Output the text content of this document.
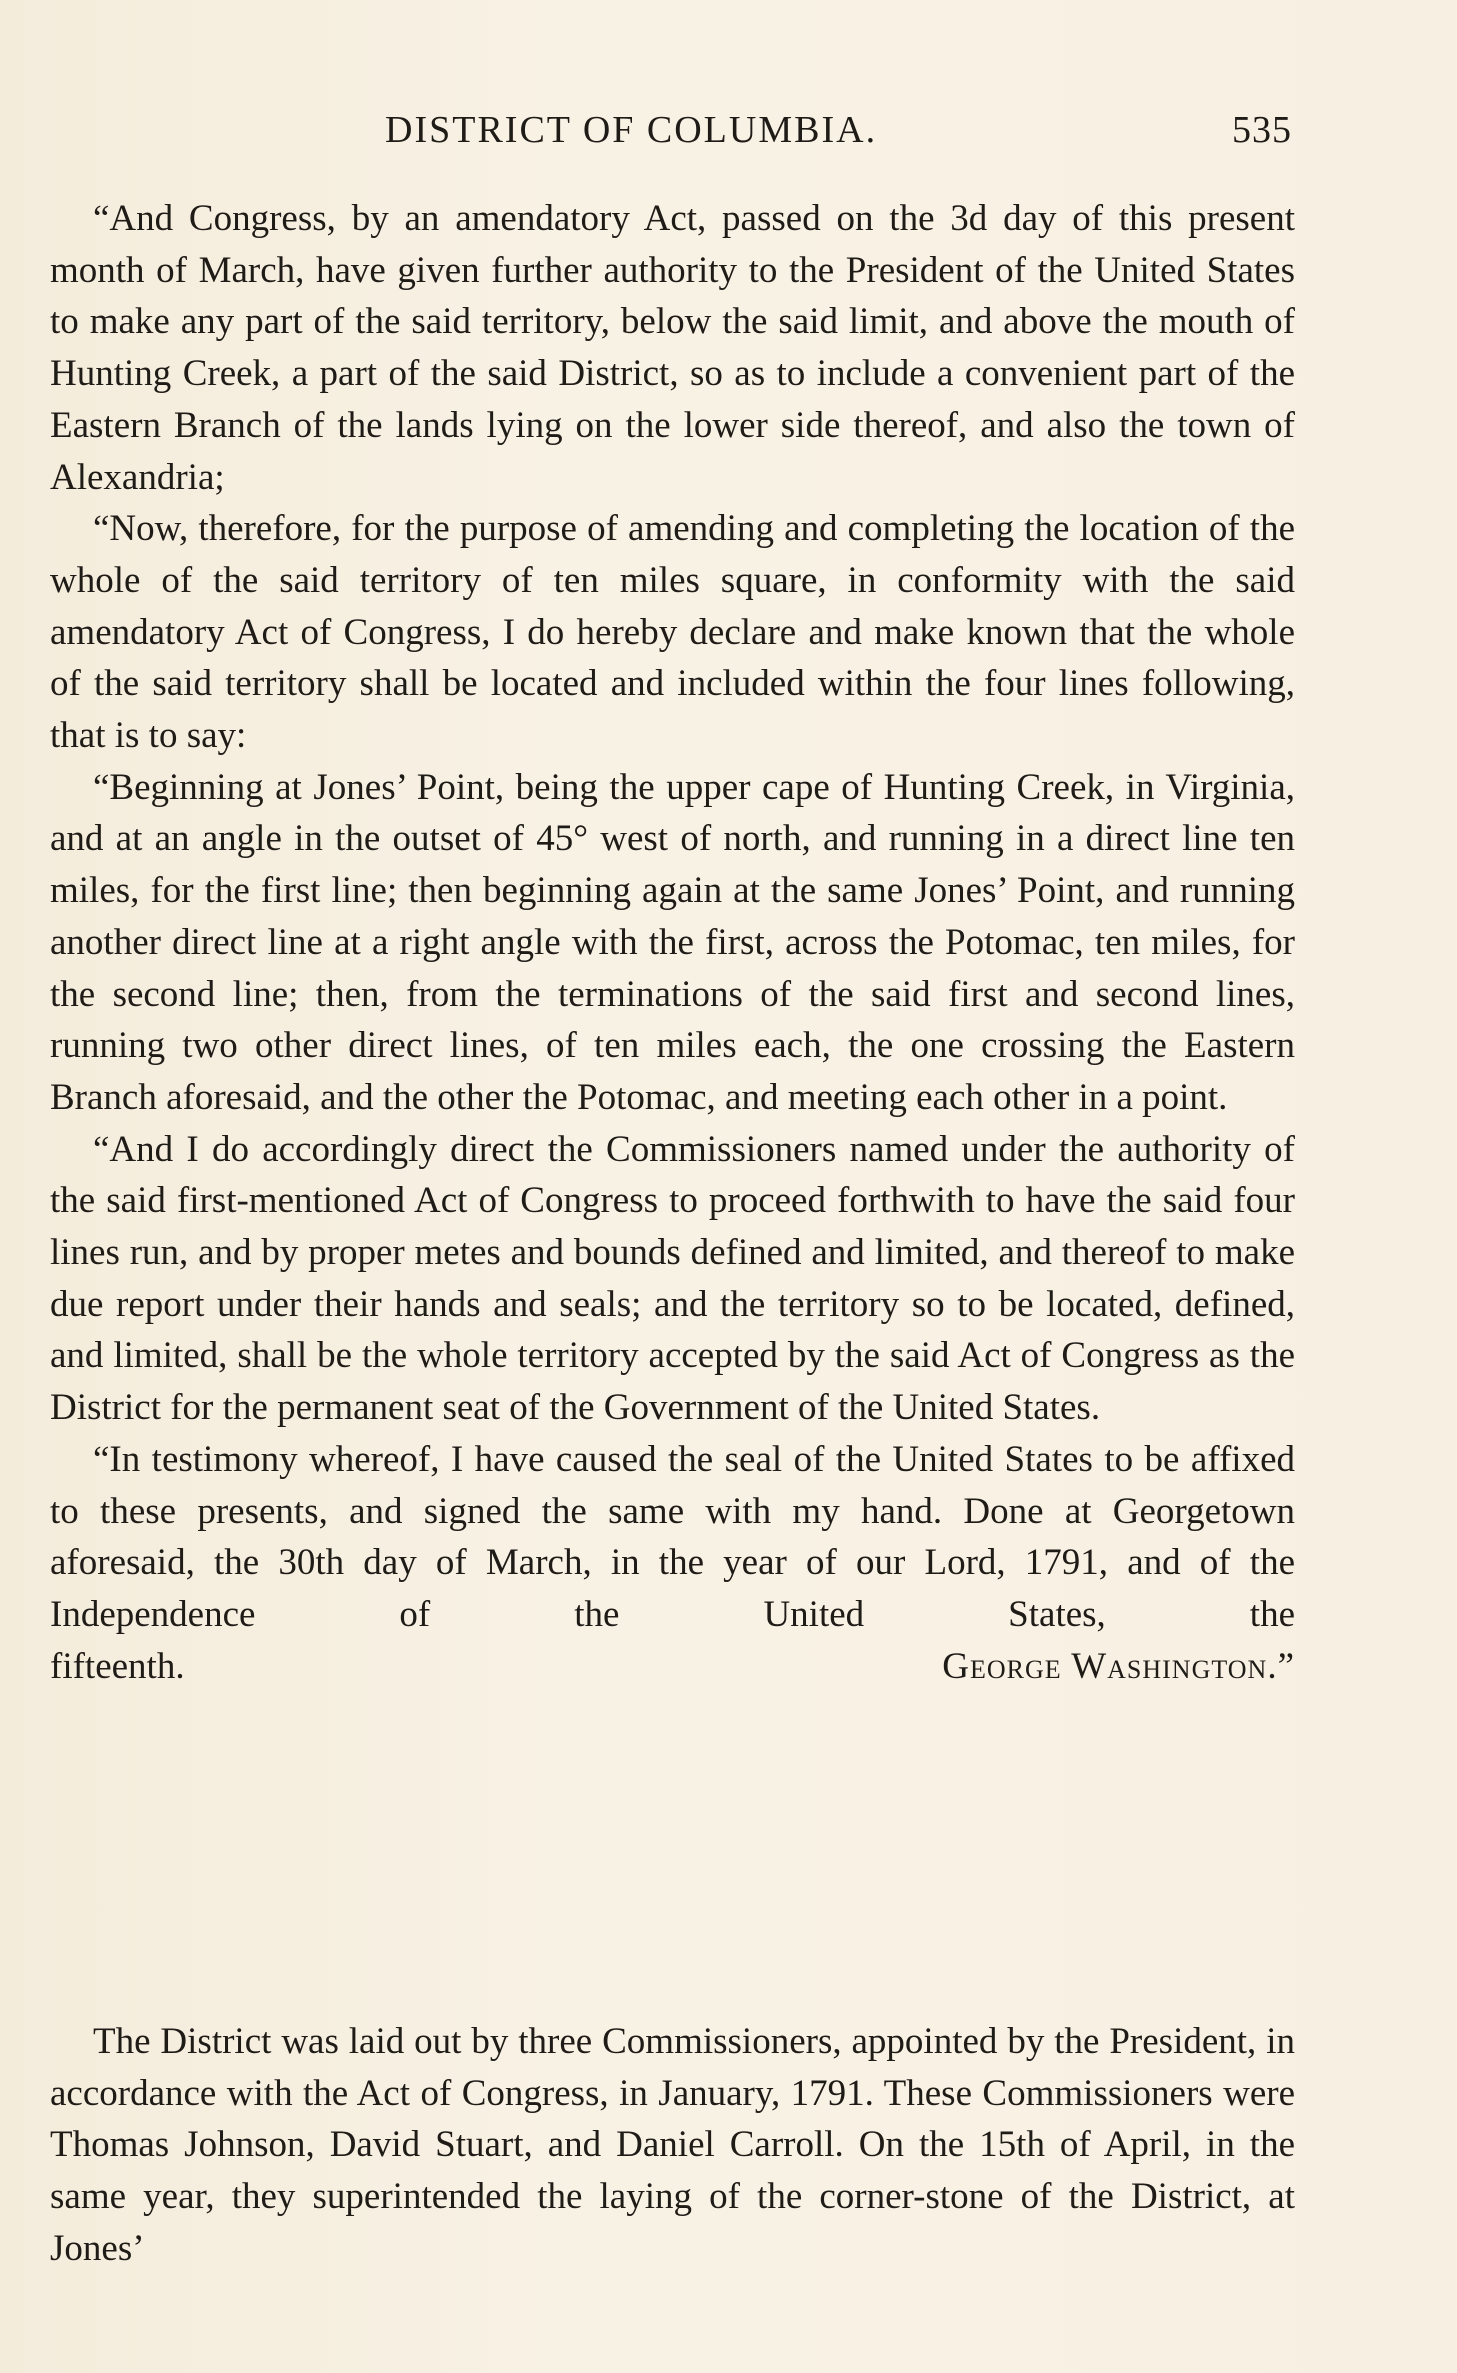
DISTRICT OF COLUMBIA.	535

“And Congress, by an amendatory Act, passed on the 3d day of this present month of March, have given further authority to the President of the United States to make any part of the said territory, below the said limit, and above the mouth of Hunting Creek, a part of the said District, so as to include a convenient part of the Eastern Branch of the lands lying on the lower side thereof, and also the town of Alexandria;

“Now, therefore, for the purpose of amending and completing the location of the whole of the said territory of ten miles square, in conformity with the said amendatory Act of Congress, I do hereby declare and make known that the whole of the said territory shall be located and included within the four lines following, that is to say:

“Beginning at Jones’ Point, being the upper cape of Hunting Creek, in Virginia, and at an angle in the outset of 45° west of north, and running in a direct line ten miles, for the first line; then beginning again at the same Jones’ Point, and running another direct line at a right angle with the first, across the Potomac, ten miles, for the second line; then, from the terminations of the said first and second lines, running two other direct lines, of ten miles each, the one crossing the Eastern Branch aforesaid, and the other the Potomac, and meeting each other in a point.

“And I do accordingly direct the Commissioners named under the authority of the said first-mentioned Act of Congress to proceed forthwith to have the said four lines run, and by proper metes and bounds defined and limited, and thereof to make due report under their hands and seals; and the territory so to be located, defined, and limited, shall be the whole territory accepted by the said Act of Congress as the District for the permanent seat of the Government of the United States.

“In testimony whereof, I have caused the seal of the United States to be affixed to these presents, and signed the same with my hand. Done at Georgetown aforesaid, the 30th day of March, in the year of our Lord, 1791, and of the Independence of the United States, the

fifteenth.	George Washington.”

The District was laid out by three Commissioners, appointed by the President, in accordance with the Act of Congress, in January, 1791. These Commissioners were Thomas Johnson, David Stuart, and Daniel Carroll. On the 15th of April, in the same year, they superintended the laying of the corner-stone of the District, at Jones’
